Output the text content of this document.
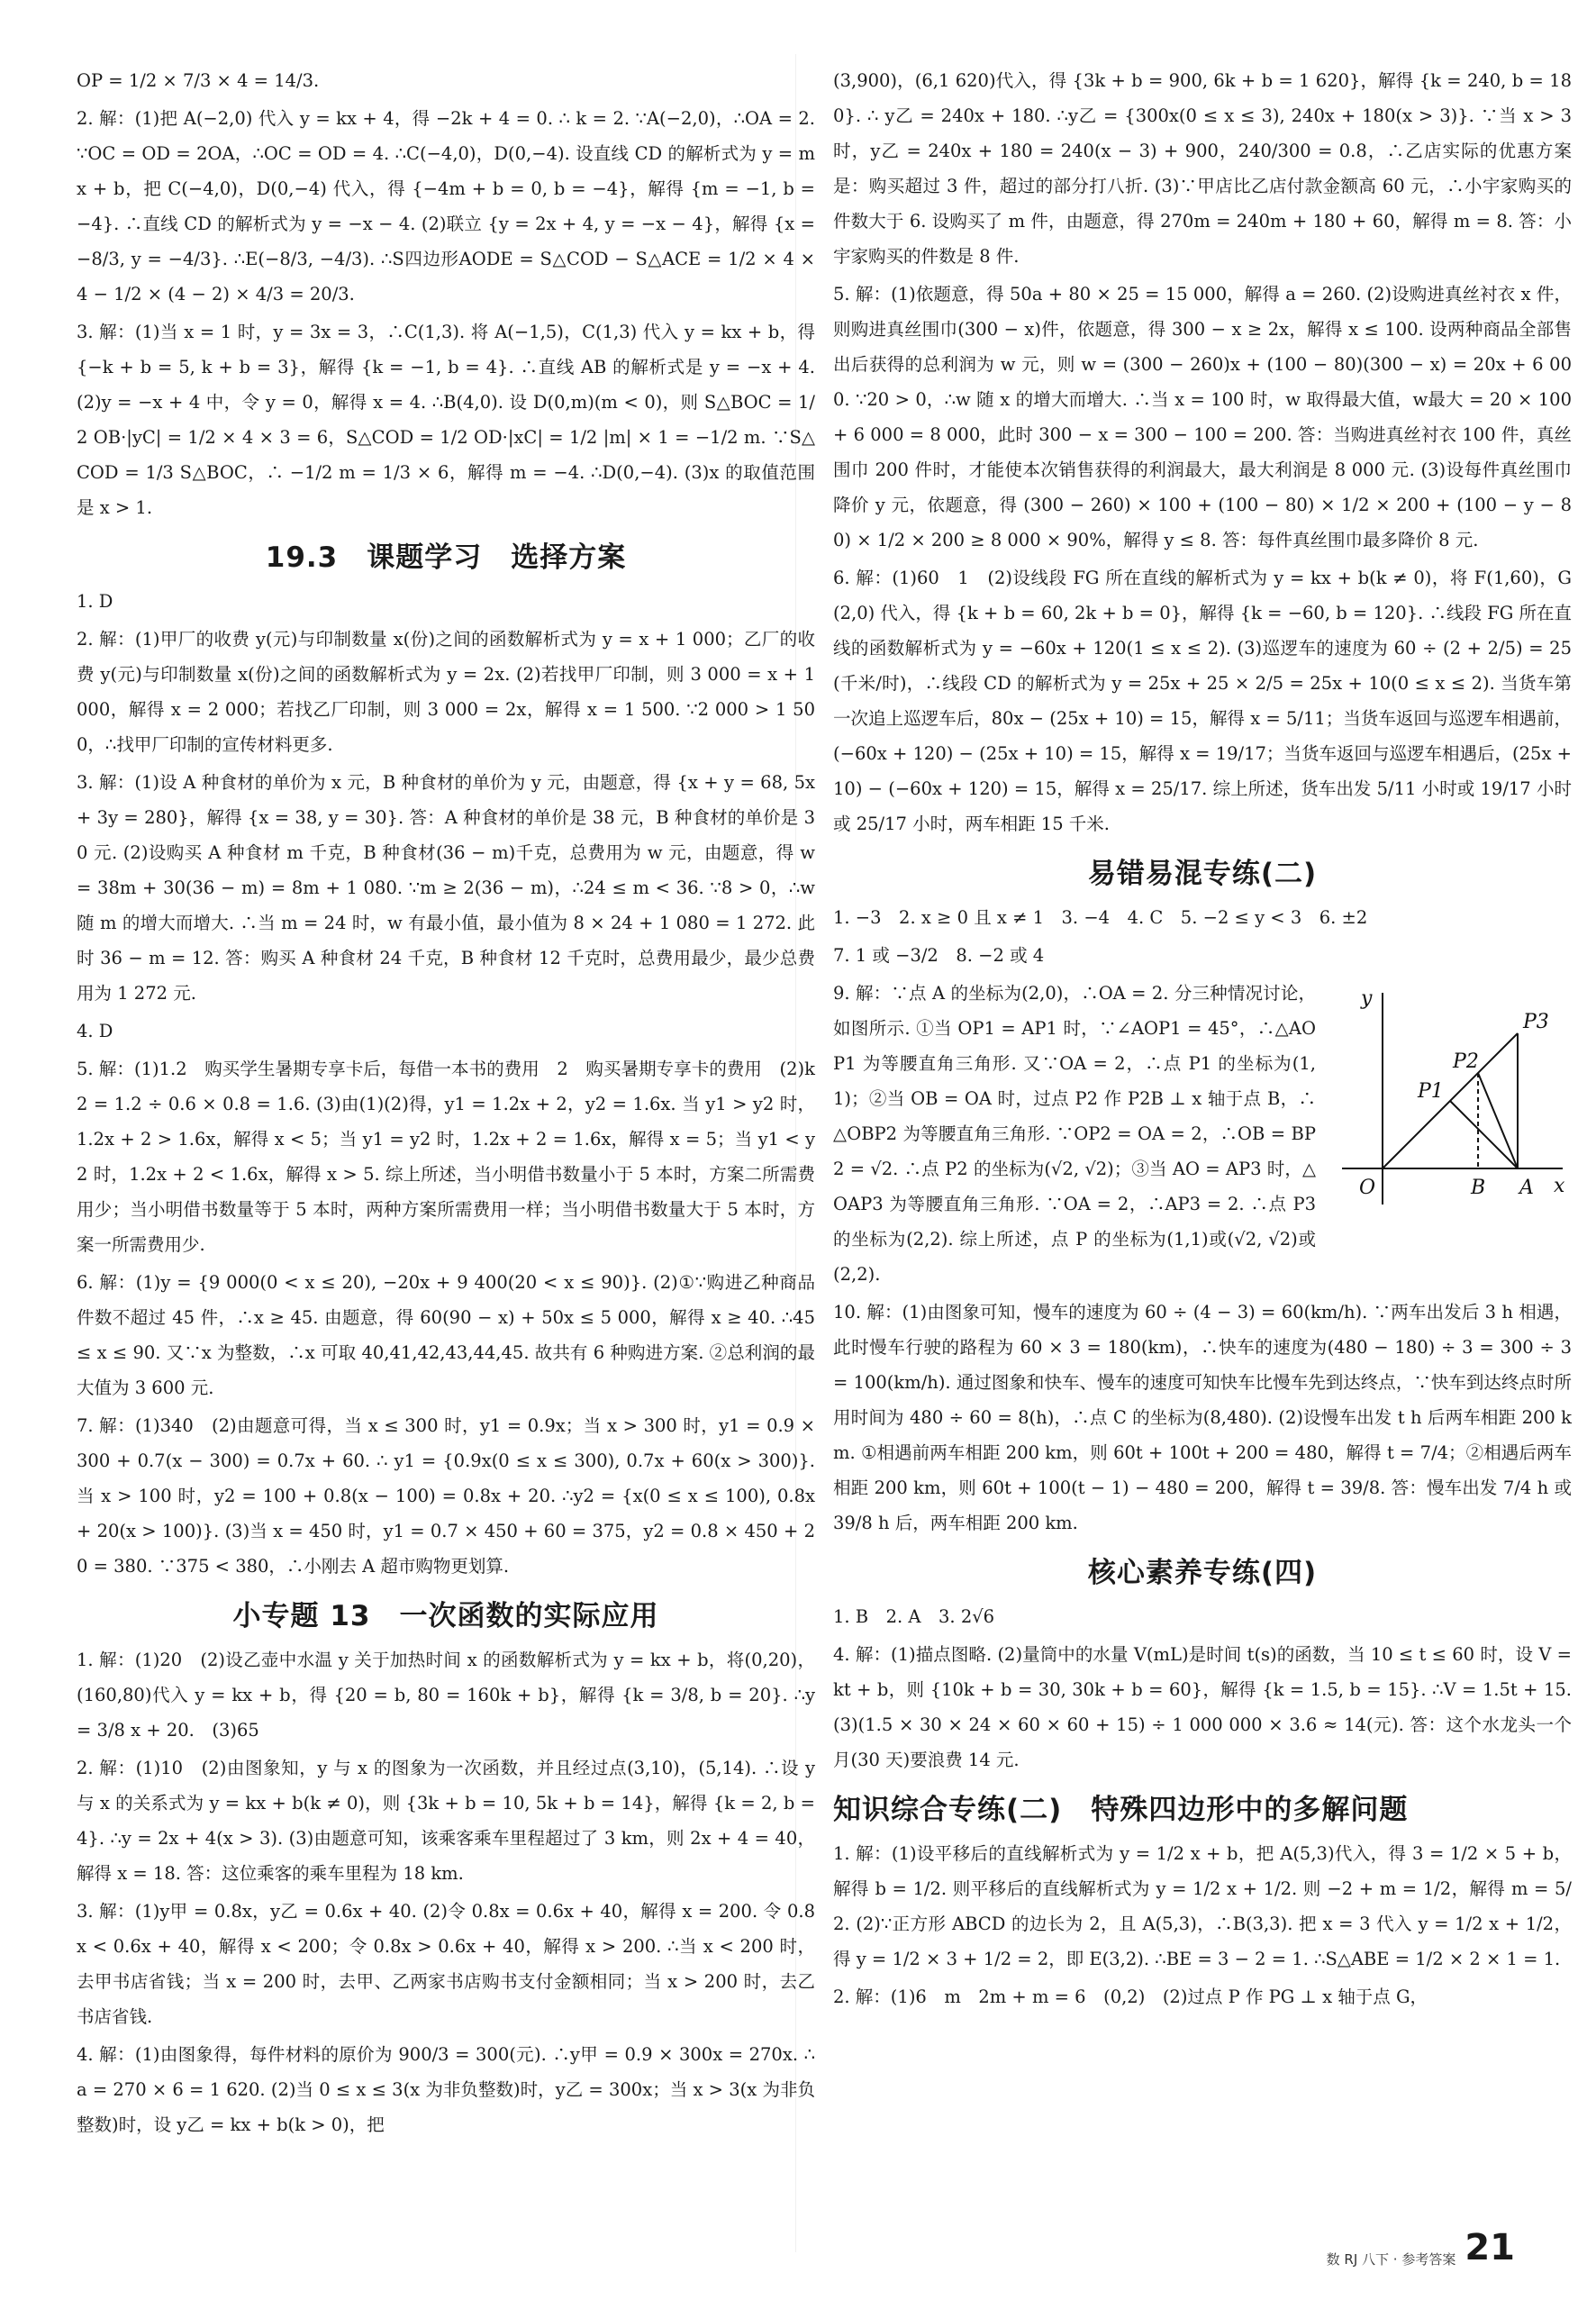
OP = 1/2 × 7/3 × 4 = 14/3.

2. 解：(1)把 A(−2,0) 代入 y = kx + 4，得 −2k + 4 = 0. ∴ k = 2. ∵A(−2,0)，∴OA = 2. ∵OC = OD = 2OA，∴OC = OD = 4. ∴C(−4,0)，D(0,−4). 设直线 CD 的解析式为 y = mx + b，把 C(−4,0)，D(0,−4) 代入，得 {−4m + b = 0, b = −4}，解得 {m = −1, b = −4}. ∴直线 CD 的解析式为 y = −x − 4. (2)联立 {y = 2x + 4, y = −x − 4}，解得 {x = −8/3, y = −4/3}. ∴E(−8/3, −4/3). ∴S四边形AODE = S△COD − S△ACE = 1/2 × 4 × 4 − 1/2 × (4 − 2) × 4/3 = 20/3.

3. 解：(1)当 x = 1 时，y = 3x = 3，∴C(1,3). 将 A(−1,5)，C(1,3) 代入 y = kx + b，得 {−k + b = 5, k + b = 3}，解得 {k = −1, b = 4}. ∴直线 AB 的解析式是 y = −x + 4. (2)y = −x + 4 中，令 y = 0，解得 x = 4. ∴B(4,0). 设 D(0,m)(m < 0)，则 S△BOC = 1/2 OB·|yC| = 1/2 × 4 × 3 = 6，S△COD = 1/2 OD·|xC| = 1/2 |m| × 1 = −1/2 m. ∵S△COD = 1/3 S△BOC，∴ −1/2 m = 1/3 × 6，解得 m = −4. ∴D(0,−4). (3)x 的取值范围是 x > 1.

19.3　课题学习　选择方案

1. D

2. 解：(1)甲厂的收费 y(元)与印制数量 x(份)之间的函数解析式为 y = x + 1 000；乙厂的收费 y(元)与印制数量 x(份)之间的函数解析式为 y = 2x. (2)若找甲厂印制，则 3 000 = x + 1 000，解得 x = 2 000；若找乙厂印制，则 3 000 = 2x，解得 x = 1 500. ∵2 000 > 1 500，∴找甲厂印制的宣传材料更多.

3. 解：(1)设 A 种食材的单价为 x 元，B 种食材的单价为 y 元，由题意，得 {x + y = 68, 5x + 3y = 280}，解得 {x = 38, y = 30}. 答：A 种食材的单价是 38 元，B 种食材的单价是 30 元. (2)设购买 A 种食材 m 千克，B 种食材(36 − m)千克，总费用为 w 元，由题意，得 w = 38m + 30(36 − m) = 8m + 1 080. ∵m ≥ 2(36 − m)，∴24 ≤ m < 36. ∵8 > 0，∴w 随 m 的增大而增大. ∴当 m = 24 时，w 有最小值，最小值为 8 × 24 + 1 080 = 1 272. 此时 36 − m = 12. 答：购买 A 种食材 24 千克，B 种食材 12 千克时，总费用最少，最少总费用为 1 272 元.

4. D

5. 解：(1)1.2　购买学生暑期专享卡后，每借一本书的费用　2　购买暑期专享卡的费用　(2)k2 = 1.2 ÷ 0.6 × 0.8 = 1.6. (3)由(1)(2)得，y1 = 1.2x + 2，y2 = 1.6x. 当 y1 > y2 时，1.2x + 2 > 1.6x，解得 x < 5；当 y1 = y2 时，1.2x + 2 = 1.6x，解得 x = 5；当 y1 < y2 时，1.2x + 2 < 1.6x，解得 x > 5. 综上所述，当小明借书数量小于 5 本时，方案二所需费用少；当小明借书数量等于 5 本时，两种方案所需费用一样；当小明借书数量大于 5 本时，方案一所需费用少.

6. 解：(1)y = {9 000(0 < x ≤ 20), −20x + 9 400(20 < x ≤ 90)}. (2)①∵购进乙种商品件数不超过 45 件，∴x ≥ 45. 由题意，得 60(90 − x) + 50x ≤ 5 000，解得 x ≥ 40. ∴45 ≤ x ≤ 90. 又∵x 为整数，∴x 可取 40,41,42,43,44,45. 故共有 6 种购进方案. ②总利润的最大值为 3 600 元.

7. 解：(1)340　(2)由题意可得，当 x ≤ 300 时，y1 = 0.9x；当 x > 300 时，y1 = 0.9 × 300 + 0.7(x − 300) = 0.7x + 60. ∴ y1 = {0.9x(0 ≤ x ≤ 300), 0.7x + 60(x > 300)}. 当 x > 100 时，y2 = 100 + 0.8(x − 100) = 0.8x + 20. ∴y2 = {x(0 ≤ x ≤ 100), 0.8x + 20(x > 100)}. (3)当 x = 450 时，y1 = 0.7 × 450 + 60 = 375，y2 = 0.8 × 450 + 20 = 380. ∵375 < 380，∴小刚去 A 超市购物更划算.

小专题 13　一次函数的实际应用

1. 解：(1)20　(2)设乙壶中水温 y 关于加热时间 x 的函数解析式为 y = kx + b，将(0,20)，(160,80)代入 y = kx + b，得 {20 = b, 80 = 160k + b}，解得 {k = 3/8, b = 20}. ∴y = 3/8 x + 20.　(3)65

2. 解：(1)10　(2)由图象知，y 与 x 的图象为一次函数，并且经过点(3,10)，(5,14). ∴设 y 与 x 的关系式为 y = kx + b(k ≠ 0)，则 {3k + b = 10, 5k + b = 14}，解得 {k = 2, b = 4}. ∴y = 2x + 4(x > 3). (3)由题意可知，该乘客乘车里程超过了 3 km，则 2x + 4 = 40，解得 x = 18. 答：这位乘客的乘车里程为 18 km.

3. 解：(1)y甲 = 0.8x，y乙 = 0.6x + 40. (2)令 0.8x = 0.6x + 40，解得 x = 200. 令 0.8x < 0.6x + 40，解得 x < 200；令 0.8x > 0.6x + 40，解得 x > 200. ∴当 x < 200 时，去甲书店省钱；当 x = 200 时，去甲、乙两家书店购书支付金额相同；当 x > 200 时，去乙书店省钱.

4. 解：(1)由图象得，每件材料的原价为 900/3 = 300(元). ∴y甲 = 0.9 × 300x = 270x. ∴a = 270 × 6 = 1 620. (2)当 0 ≤ x ≤ 3(x 为非负整数)时，y乙 = 300x；当 x > 3(x 为非负整数)时，设 y乙 = kx + b(k > 0)，把

(3,900)，(6,1 620)代入，得 {3k + b = 900, 6k + b = 1 620}，解得 {k = 240, b = 180}. ∴ y乙 = 240x + 180. ∴y乙 = {300x(0 ≤ x ≤ 3), 240x + 180(x > 3)}. ∵当 x > 3 时，y乙 = 240x + 180 = 240(x − 3) + 900，240/300 = 0.8，∴乙店实际的优惠方案是：购买超过 3 件，超过的部分打八折. (3)∵甲店比乙店付款金额高 60 元，∴小宇家购买的件数大于 6. 设购买了 m 件，由题意，得 270m = 240m + 180 + 60，解得 m = 8. 答：小宇家购买的件数是 8 件.

5. 解：(1)依题意，得 50a + 80 × 25 = 15 000，解得 a = 260. (2)设购进真丝衬衣 x 件，则购进真丝围巾(300 − x)件，依题意，得 300 − x ≥ 2x，解得 x ≤ 100. 设两种商品全部售出后获得的总利润为 w 元，则 w = (300 − 260)x + (100 − 80)(300 − x) = 20x + 6 000. ∵20 > 0，∴w 随 x 的增大而增大. ∴当 x = 100 时，w 取得最大值，w最大 = 20 × 100 + 6 000 = 8 000，此时 300 − x = 300 − 100 = 200. 答：当购进真丝衬衣 100 件，真丝围巾 200 件时，才能使本次销售获得的利润最大，最大利润是 8 000 元. (3)设每件真丝围巾降价 y 元，依题意，得 (300 − 260) × 100 + (100 − 80) × 1/2 × 200 + (100 − y − 80) × 1/2 × 200 ≥ 8 000 × 90%，解得 y ≤ 8. 答：每件真丝围巾最多降价 8 元.

6. 解：(1)60　1　(2)设线段 FG 所在直线的解析式为 y = kx + b(k ≠ 0)，将 F(1,60)，G(2,0) 代入，得 {k + b = 60, 2k + b = 0}，解得 {k = −60, b = 120}. ∴线段 FG 所在直线的函数解析式为 y = −60x + 120(1 ≤ x ≤ 2). (3)巡逻车的速度为 60 ÷ (2 + 2/5) = 25(千米/时)，∴线段 CD 的解析式为 y = 25x + 25 × 2/5 = 25x + 10(0 ≤ x ≤ 2). 当货车第一次追上巡逻车后，80x − (25x + 10) = 15，解得 x = 5/11；当货车返回与巡逻车相遇前，(−60x + 120) − (25x + 10) = 15，解得 x = 19/17；当货车返回与巡逻车相遇后，(25x + 10) − (−60x + 120) = 15，解得 x = 25/17. 综上所述，货车出发 5/11 小时或 19/17 小时或 25/17 小时，两车相距 15 千米.

易错易混专练(二)

1. −3　2. x ≥ 0 且 x ≠ 1　3. −4　4. C　5. −2 ≤ y < 3　6. ±2

7. 1 或 −3/2　8. −2 或 4

y
P3
P2
P1
O	B A x

9. 解：∵点 A 的坐标为(2,0)，∴OA = 2. 分三种情况讨论，如图所示. ①当 OP1 = AP1 时，∵∠AOP1 = 45°，∴△AOP1 为等腰直角三角形. 又∵OA = 2，∴点 P1 的坐标为(1,1)；②当 OB = OA 时，过点 P2 作 P2B ⊥ x 轴于点 B，∴△OBP2 为等腰直角三角形. ∵OP2 = OA = 2，∴OB = BP2 = √2. ∴点 P2 的坐标为(√2, √2)；③当 AO = AP3 时，△OAP3 为等腰直角三角形. ∵OA = 2，∴AP3 = 2. ∴点 P3 的坐标为(2,2). 综上所述，点 P 的坐标为(1,1)或(√2, √2)或(2,2).

10. 解：(1)由图象可知，慢车的速度为 60 ÷ (4 − 3) = 60(km/h). ∵两车出发后 3 h 相遇，此时慢车行驶的路程为 60 × 3 = 180(km)，∴快车的速度为(480 − 180) ÷ 3 = 300 ÷ 3 = 100(km/h). 通过图象和快车、慢车的速度可知快车比慢车先到达终点，∵快车到达终点时所用时间为 480 ÷ 60 = 8(h)，∴点 C 的坐标为(8,480). (2)设慢车出发 t h 后两车相距 200 km. ①相遇前两车相距 200 km，则 60t + 100t + 200 = 480，解得 t = 7/4；②相遇后两车相距 200 km，则 60t + 100(t − 1) − 480 = 200，解得 t = 39/8. 答：慢车出发 7/4 h 或 39/8 h 后，两车相距 200 km.

核心素养专练(四)

1. B　2. A　3. 2√6

4. 解：(1)描点图略. (2)量筒中的水量 V(mL)是时间 t(s)的函数，当 10 ≤ t ≤ 60 时，设 V = kt + b，则 {10k + b = 30, 30k + b = 60}，解得 {k = 1.5, b = 15}. ∴V = 1.5t + 15. (3)(1.5 × 30 × 24 × 60 × 60 + 15) ÷ 1 000 000 × 3.6 ≈ 14(元). 答：这个水龙头一个月(30 天)要浪费 14 元.

知识综合专练(二)　特殊四边形中的多解问题

1. 解：(1)设平移后的直线解析式为 y = 1/2 x + b，把 A(5,3)代入，得 3 = 1/2 × 5 + b，解得 b = 1/2. 则平移后的直线解析式为 y = 1/2 x + 1/2. 则 −2 + m = 1/2，解得 m = 5/2. (2)∵正方形 ABCD 的边长为 2，且 A(5,3)，∴B(3,3). 把 x = 3 代入 y = 1/2 x + 1/2，得 y = 1/2 × 3 + 1/2 = 2，即 E(3,2). ∴BE = 3 − 2 = 1. ∴S△ABE = 1/2 × 2 × 1 = 1.

2. 解：(1)6　m　2m + m = 6　(0,2)　(2)过点 P 作 PG ⊥ x 轴于点 G，

数 RJ 八下 · 参考答案 21
